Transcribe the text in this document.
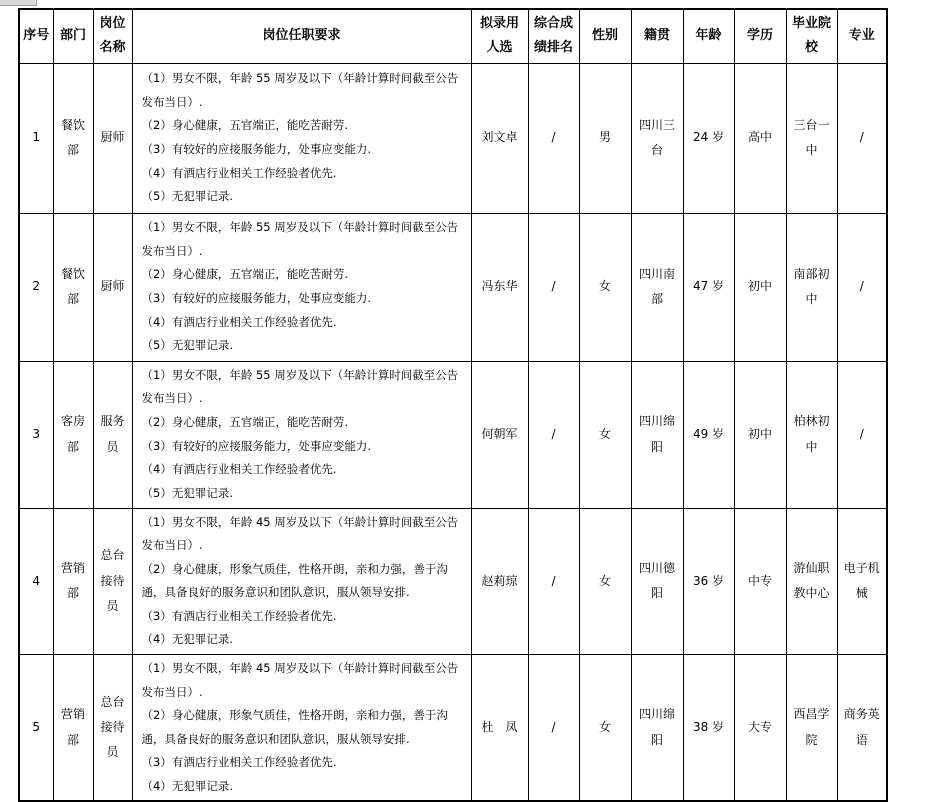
序号	部门	岗位名称	岗位任职要求	拟录用人选	综合成绩排名	性别	籍贯	年龄	学历	毕业院校	专业
1	餐饮部	厨师	（1）男女不限，年龄 55 周岁及以下（年龄计算时间截至公告发布当日）.
（2）身心健康，五官端正，能吃苦耐劳.
（3）有较好的应接服务能力，处事应变能力.
（4）有酒店行业相关工作经验者优先.
（5）无犯罪记录.	刘文卓	/	男	四川三台	24 岁	高中	三台一中	/
2	餐饮部	厨师	（1）男女不限，年龄 55 周岁及以下（年龄计算时间截至公告发布当日）.
（2）身心健康，五官端正，能吃苦耐劳.
（3）有较好的应接服务能力，处事应变能力.
（4）有酒店行业相关工作经验者优先.
（5）无犯罪记录.	冯东华	/	女	四川南部	47 岁	初中	南部初中	/
3	客房部	服务员	（1）男女不限，年龄 55 周岁及以下（年龄计算时间截至公告发布当日）.
（2）身心健康，五官端正，能吃苦耐劳.
（3）有较好的应接服务能力，处事应变能力.
（4）有酒店行业相关工作经验者优先.
（5）无犯罪记录.	何朝军	/	女	四川绵阳	49 岁	初中	柏林初中	/
4	营销部	总台接待员	（1）男女不限，年龄 45 周岁及以下（年龄计算时间截至公告发布当日）.
（2）身心健康，形象气质佳，性格开朗，亲和力强，善于沟通，具备良好的服务意识和团队意识，服从领导安排.
（3）有酒店行业相关工作经验者优先.
（4）无犯罪记录.	赵莉琼	/	女	四川德阳	36 岁	中专	游仙职教中心	电子机械
5	营销部	总台接待员	（1）男女不限，年龄 45 周岁及以下（年龄计算时间截至公告发布当日）.
（2）身心健康，形象气质佳，性格开朗，亲和力强，善于沟通，具备良好的服务意识和团队意识，服从领导安排.
（3）有酒店行业相关工作经验者优先.
（4）无犯罪记录.	杜　凤	/	女	四川绵阳	38 岁	大专	西昌学院	商务英语
